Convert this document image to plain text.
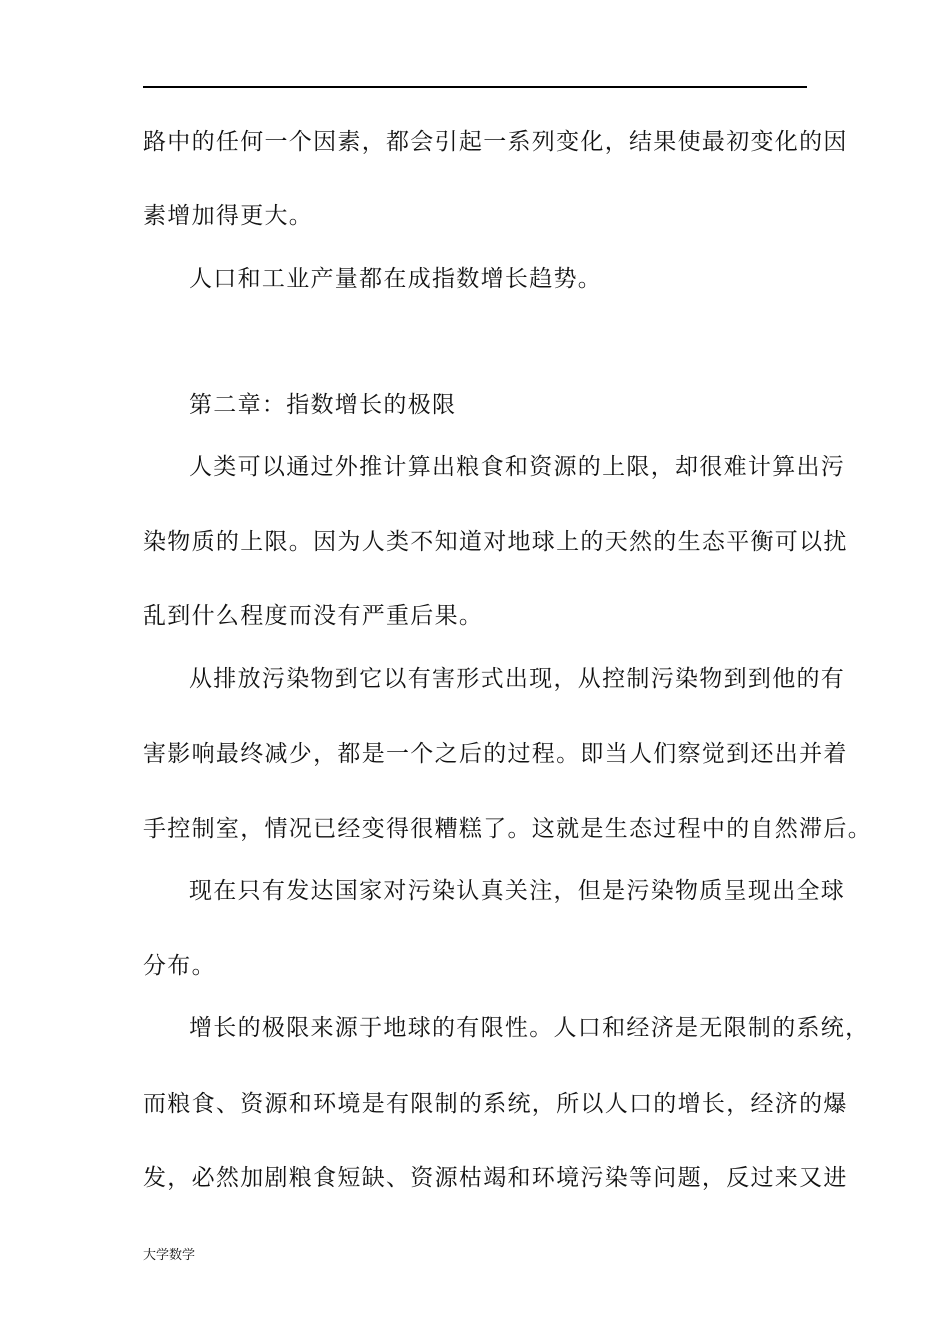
路中的任何一个因素，都会引起一系列变化，结果使最初变化的因
素增加得更大。
人口和工业产量都在成指数增长趋势。
第二章：指数增长的极限
人类可以通过外推计算出粮食和资源的上限，却很难计算出污
染物质的上限。因为人类不知道对地球上的天然的生态平衡可以扰
乱到什么程度而没有严重后果。
从排放污染物到它以有害形式出现，从控制污染物到到他的有
害影响最终减少，都是一个之后的过程。即当人们察觉到还出并着
手控制室，情况已经变得很糟糕了。这就是生态过程中的自然滞后。
现在只有发达国家对污染认真关注，但是污染物质呈现出全球
分布。
增长的极限来源于地球的有限性。人口和经济是无限制的系统，
而粮食、资源和环境是有限制的系统，所以人口的增长，经济的爆
发，必然加剧粮食短缺、资源枯竭和环境污染等问题，反过来又进
大学数学
